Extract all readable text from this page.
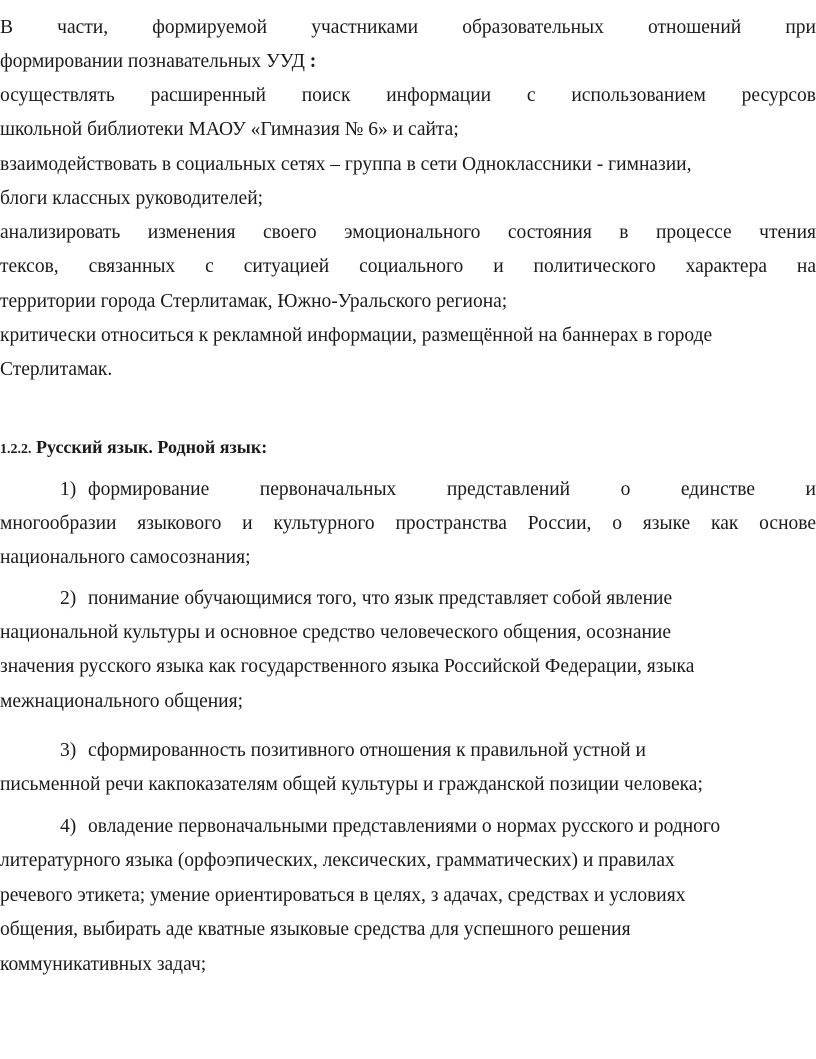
В части, формируемой участниками образовательных отношений при
формировании познавательных УУД :
осуществлять расширенный поиск информации с использованием ресурсов
школьной библиотеки МАОУ «Гимназия № 6» и сайта;
взаимодействовать в социальных сетях – группа в сети Одноклассники - гимназии,
блоги классных руководителей;
анализировать изменения своего эмоционального состояния в процессе чтения
тексов, связанных с ситуацией социального и политического характера на
территории города Стерлитамак, Южно-Уральского региона;
критически относиться к рекламной информации, размещённой на баннерах в городе
Стерлитамак.
1.2.2. Русский язык. Родной язык:
1) формирование первоначальных представлений о единстве и
многообразии языкового и культурного пространства России, о языке как основе
национального самосознания;
2) понимание обучающимися того, что язык представляет собой явление
национальной культуры и основное средство человеческого общения, осознание
значения русского языка как государственного языка Российской Федерации, языка
межнационального общения;
3) сформированность позитивного отношения к правильной устной и
письменной речи какпоказателям общей культуры и гражданской позиции человека;
4) овладение первоначальными представлениями о нормах русского и родного
литературного языка (орфоэпических, лексических, грамматических) и правилах
речевого этикета; умение ориентироваться в целях, з адачах, средствах и условиях
общения, выбирать аде кватные языковые средства для успешного решения
коммуникативных задач;
